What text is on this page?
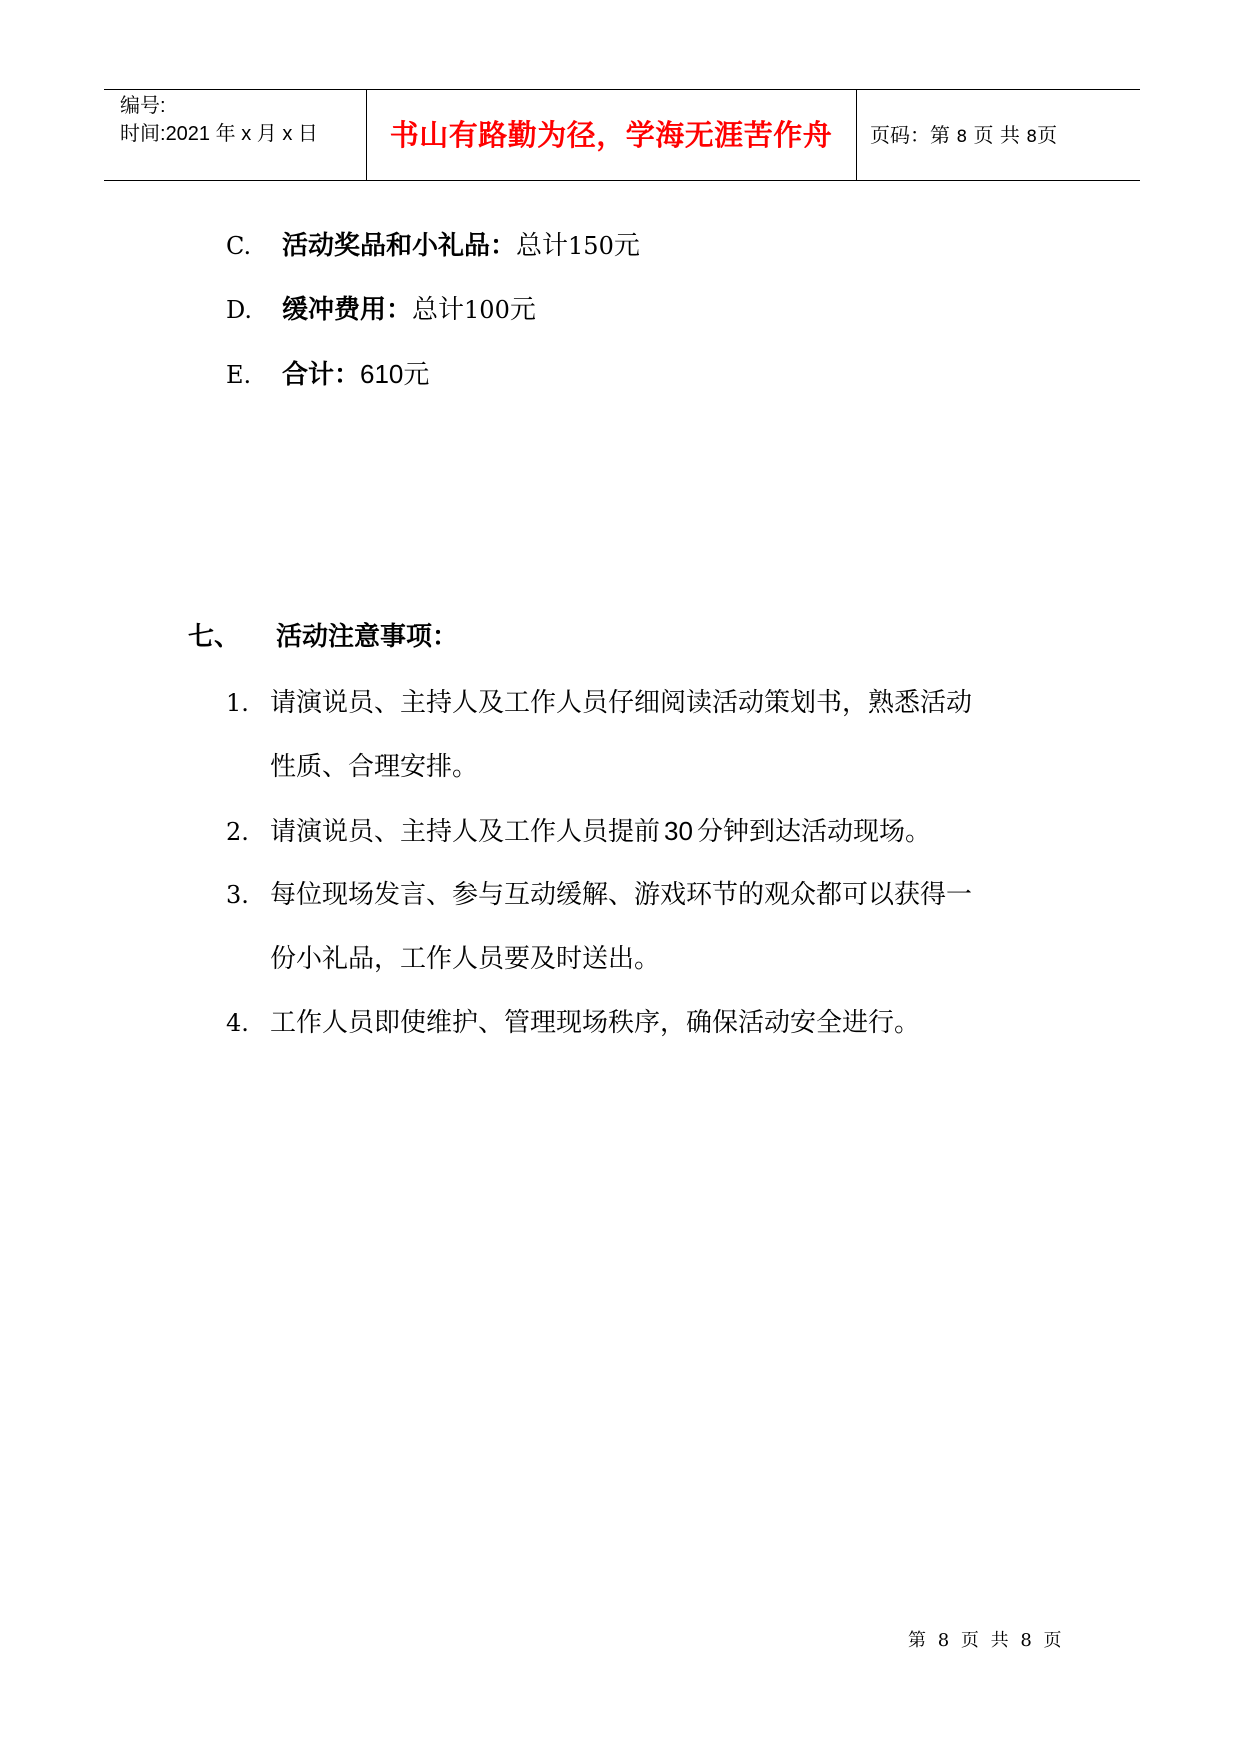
编号:
时间:2021 年 x 月 x 日	书山有路勤为径，学海无涯苦作舟	页码：第 8 页 共 8页
C. 活动奖品和小礼品：总计150元
D. 缓冲费用：总计100元
E. 合计：610元
七、 活动注意事项：
1. 请演说员、主持人及工作人员仔细阅读活动策划书，熟悉活动
性质、合理安排。
2. 请演说员、主持人及工作人员提前 30 分钟到达活动现场。
3. 每位现场发言、参与互动缓解、游戏环节的观众都可以获得一
份小礼品，工作人员要及时送出。
4. 工作人员即使维护、管理现场秩序，确保活动安全进行。
第 8 页 共 8 页
